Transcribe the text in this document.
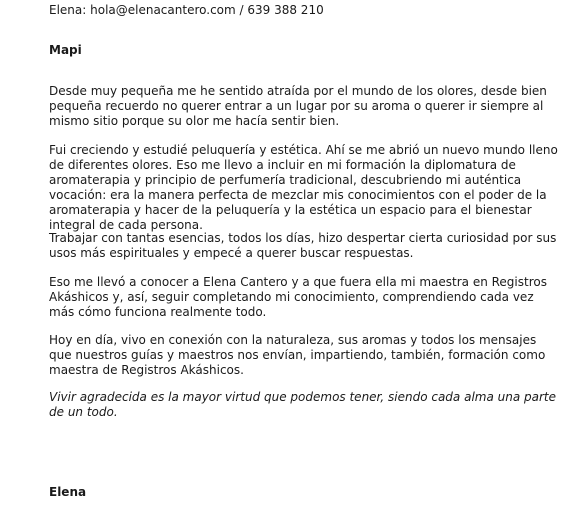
Elena: hola@elenacantero.com / 639 388 210
Mapi

Desde muy pequeña me he sentido atraída por el mundo de los olores, desde bien pequeña recuerdo no querer entrar a un lugar por su aroma o querer ir siempre al mismo sitio porque su olor me hacía sentir bien.

Fui creciendo y estudié peluquería y estética. Ahí se me abrió un nuevo mundo lleno de diferentes olores. Eso me llevo a incluir en mi formación la diplomatura de aromaterapia y principio de perfumería tradicional, descubriendo mi auténtica vocación: era la manera perfecta de mezclar mis conocimientos con el poder de la aromaterapia y hacer de la peluquería y la estética un espacio para el bienestar integral de cada persona.

Trabajar con tantas esencias, todos los días, hizo despertar cierta curiosidad por sus usos más espirituales y empecé a querer buscar respuestas.

Eso me llevó a conocer a Elena Cantero y a que fuera ella mi maestra en Registros Akáshicos y, así, seguir completando mi conocimiento, comprendiendo cada vez más cómo funciona realmente todo.

Hoy en día, vivo en conexión con la naturaleza, sus aromas y todos los mensajes que nuestros guías y maestros nos envían, impartiendo, también, formación como maestra de Registros Akáshicos.

Vivir agradecida es la mayor virtud que podemos tener, siendo cada alma una parte de un todo.

Elena
